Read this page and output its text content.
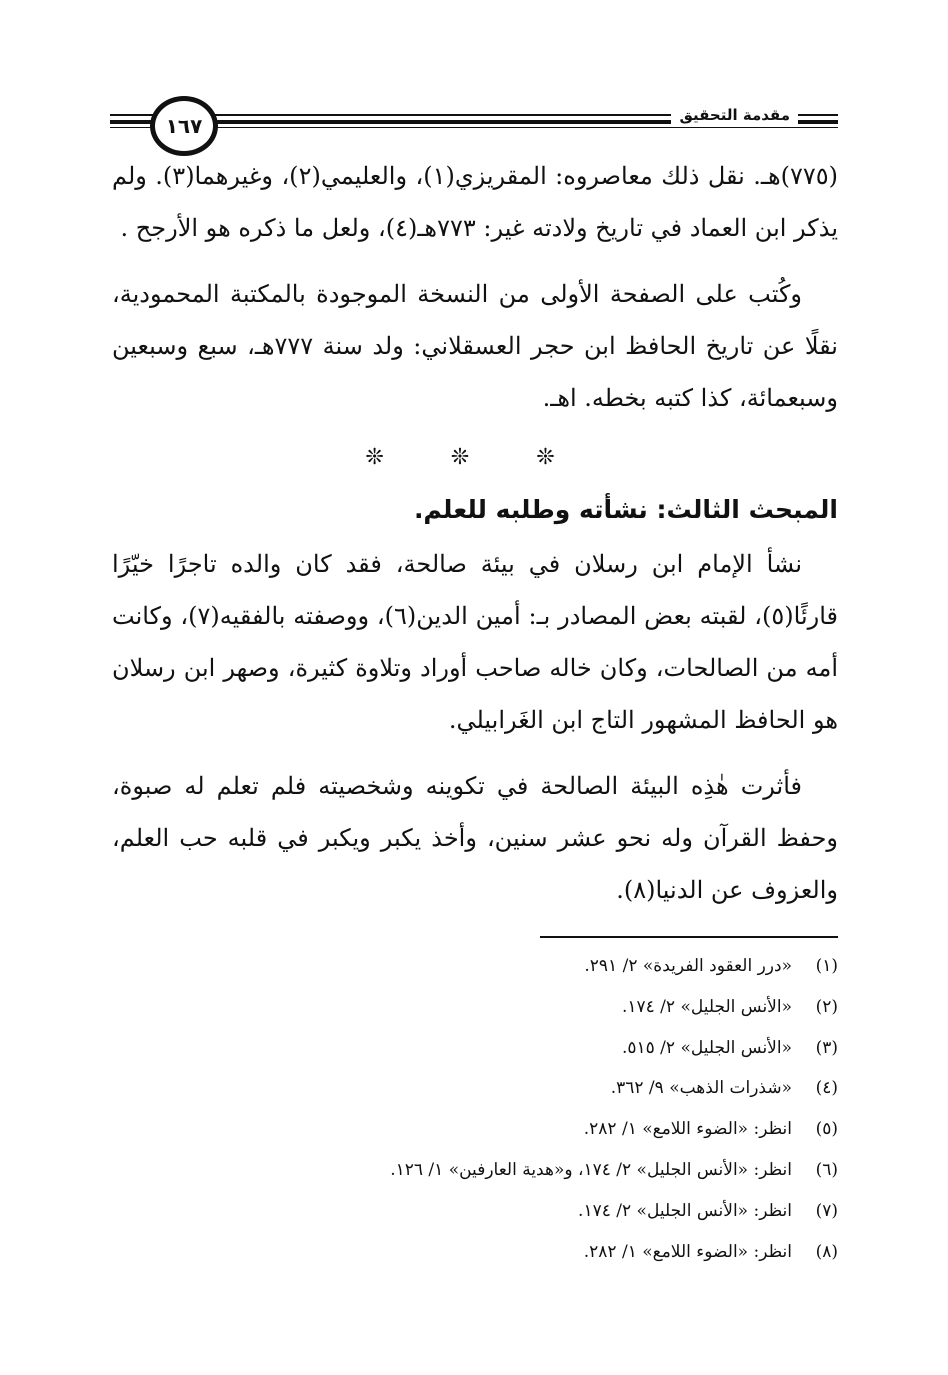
مقدمة التحقيق
١٦٧

(٧٧٥)هـ. نقل ذلك معاصروه: المقريزي(١)، والعليمي(٢)، وغيرهما(٣). ولم يذكر ابن العماد في تاريخ ولادته غير: ٧٧٣هـ(٤)، ولعل ما ذكره هو الأرجح .

وكُتب على الصفحة الأولى من النسخة الموجودة بالمكتبة المحمودية، نقلًا عن تاريخ الحافظ ابن حجر العسقلاني: ولد سنة ٧٧٧هـ، سبع وسبعين وسبعمائة، كذا كتبه بخطه. اهـ.

❊ ❊ ❊

المبحث الثالث: نشأته وطلبه للعلم.

نشأ الإمام ابن رسلان في بيئة صالحة، فقد كان والده تاجرًا خيّرًا قارئًا(٥)، لقبته بعض المصادر بـ: أمين الدين(٦)، ووصفته بالفقيه(٧)، وكانت أمه من الصالحات، وكان خاله صاحب أوراد وتلاوة كثيرة، وصهر ابن رسلان هو الحافظ المشهور التاج ابن الغَرابيلي.

فأثرت هٰذِه البيئة الصالحة في تكوينه وشخصيته فلم تعلم له صبوة، وحفظ القرآن وله نحو عشر سنين، وأخذ يكبر ويكبر في قلبه حب العلم، والعزوف عن الدنيا(٨).

(١)
«درر العقود الفريدة» ٢/ ٢٩١.
(٢)
«الأنس الجليل» ٢/ ١٧٤.
(٣)
«الأنس الجليل» ٢/ ٥١٥.
(٤)
«شذرات الذهب» ٩/ ٣٦٢.
(٥)
انظر: «الضوء اللامع» ١/ ٢٨٢.
(٦)
انظر: «الأنس الجليل» ٢/ ١٧٤، و«هدية العارفين» ١/ ١٢٦.
(٧)
انظر: «الأنس الجليل» ٢/ ١٧٤.
(٨)
انظر: «الضوء اللامع» ١/ ٢٨٢.
